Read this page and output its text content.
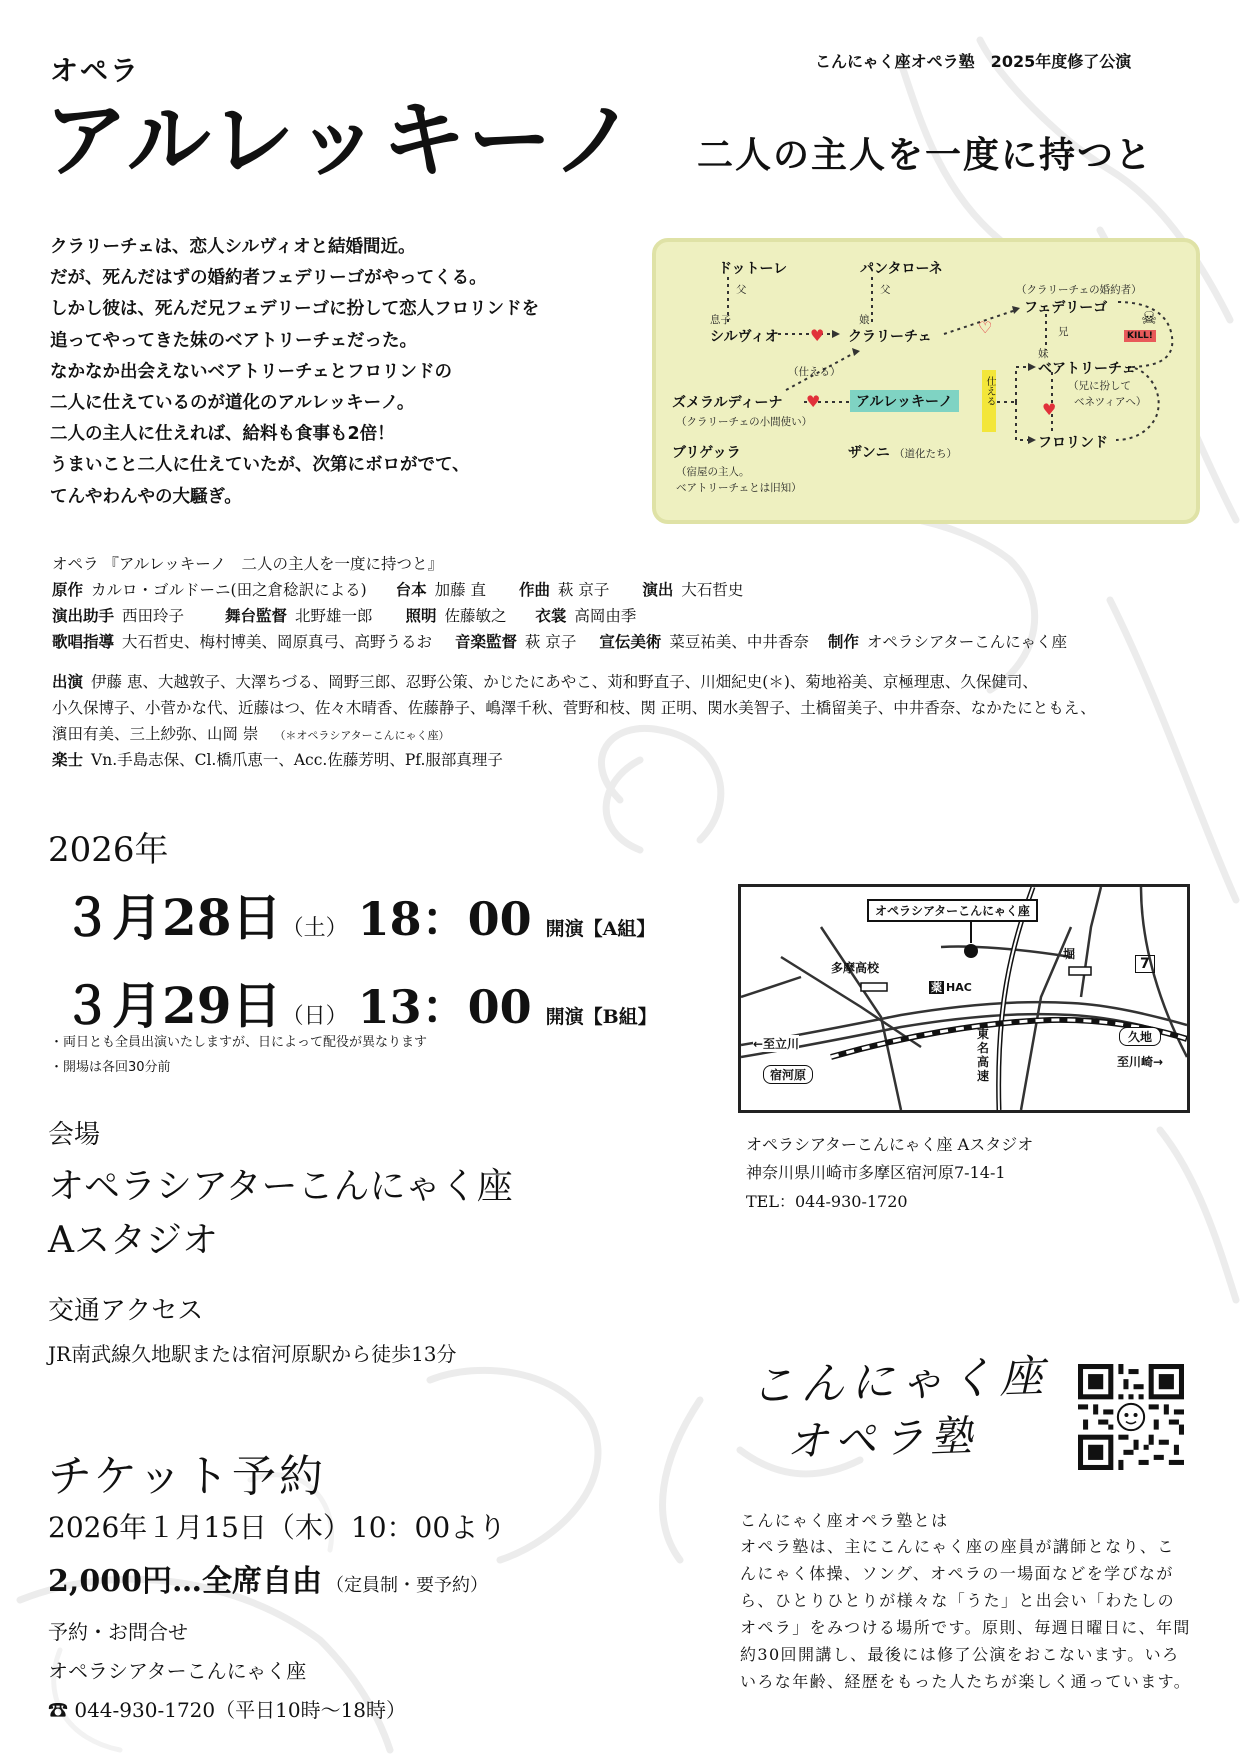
オペラ	こんにゃく座オペラ塾　2025年度修了公演
アルレッキーノ 二人の主人を一度に持つと
クラリーチェは、恋人シルヴィオと結婚間近。
だが、死んだはずの婚約者フェデリーゴがやってくる。
しかし彼は、死んだ兄フェデリーゴに扮して恋人フロリンドを
追ってやってきた妹のベアトリーチェだった。
なかなか出会えないベアトリーチェとフロリンドの
二人に仕えているのが道化のアルレッキーノ。
二人の主人に仕えれば、給料も食事も2倍！
うまいこと二人に仕えていたが、次第にボロがでて、
てんやわんやの大騒ぎ。
ドットーレ	パンタローネ
父	父
息子	娘
シルヴィオ ♥ クラリーチェ	♡
（クラリーチェの婚約者）
フェデリーゴ ☠
KILL!
兄
妹
（仕える）	ベアトリーチェ
（兄に扮して
ベネツィアへ）
仕える
ズメラルディーナ ♥	アルレッキーノ	♥
（クラリーチェの小間使い）
フロリンド
ブリゲッラ
（宿屋の主人。
ベアトリーチェとは旧知）
ザンニ （道化たち）
オペラ 『アルレッキーノ　二人の主人を一度に持つと』
原作 カルロ・ゴルドーニ(田之倉稔訳による) 台本 加藤 直 作曲 萩 京子 演出 大石哲史
演出助手 西田玲子	舞台監督 北野雄一郎 照明 佐藤敏之 衣裳 高岡由季
歌唱指導 大石哲史、梅村博美、岡原真弓、高野うるお 音楽監督 萩 京子 宣伝美術 菜豆祐美、中井香奈 制作 オペラシアターこんにゃく座
出演 伊藤 恵、大越敦子、大澤ちづる、岡野三郎、忍野公策、かじたにあやこ、苅和野直子、川畑紀史(＊)、菊地裕美、京極理恵、久保健司、
小久保博子、小菅かな代、近藤はつ、佐々木晴香、佐藤静子、嶋澤千秋、菅野和枝、関 正明、関水美智子、土橋留美子、中井香奈、なかたにともえ、
濱田有美、三上紗弥、山岡 崇 （＊オペラシアターこんにゃく座）
楽士 Vn.手島志保、Cl.橋爪恵一、Acc.佐藤芳明、Pf.服部真理子
2026年
３月28日（土） 18：00 開演【A組】
３月29日（日） 13：00 開演【B組】
・両日とも全員出演いたしますが、日によって配役が異なります
・開場は各回30分前
会場
オペラシアターこんにゃく座
Aスタジオ
交通アクセス
JR南武線久地駅または宿河原駅から徒歩13分
オペラシアターこんにゃく座
多摩高校
堀
薬 HAC
7
←至立川
宿河原
東
名
高
速
久地
至川崎→
オペラシアターこんにゃく座 Aスタジオ
神奈川県川崎市多摩区宿河原7-14-1
TEL：044-930-1720
チケット予約
2026年１月15日（木）10：00より
2,000円…全席自由 （定員制・要予約）
予約・お問合せ
オペラシアターこんにゃく座
☎ 044-930-1720（平日10時〜18時）
こんにゃく座
オペラ塾
こんにゃく座オペラ塾とは
オペラ塾は、主にこんにゃく座の座員が講師となり、こんにゃく体操、ソング、オペラの一場面などを学びながら、ひとりひとりが様々な「うた」と出会い「わたしのオペラ」をみつける場所です。原則、毎週日曜日に、年間約30回開講し、最後には修了公演をおこないます。いろいろな年齢、経歴をもった人たちが楽しく通っています。
